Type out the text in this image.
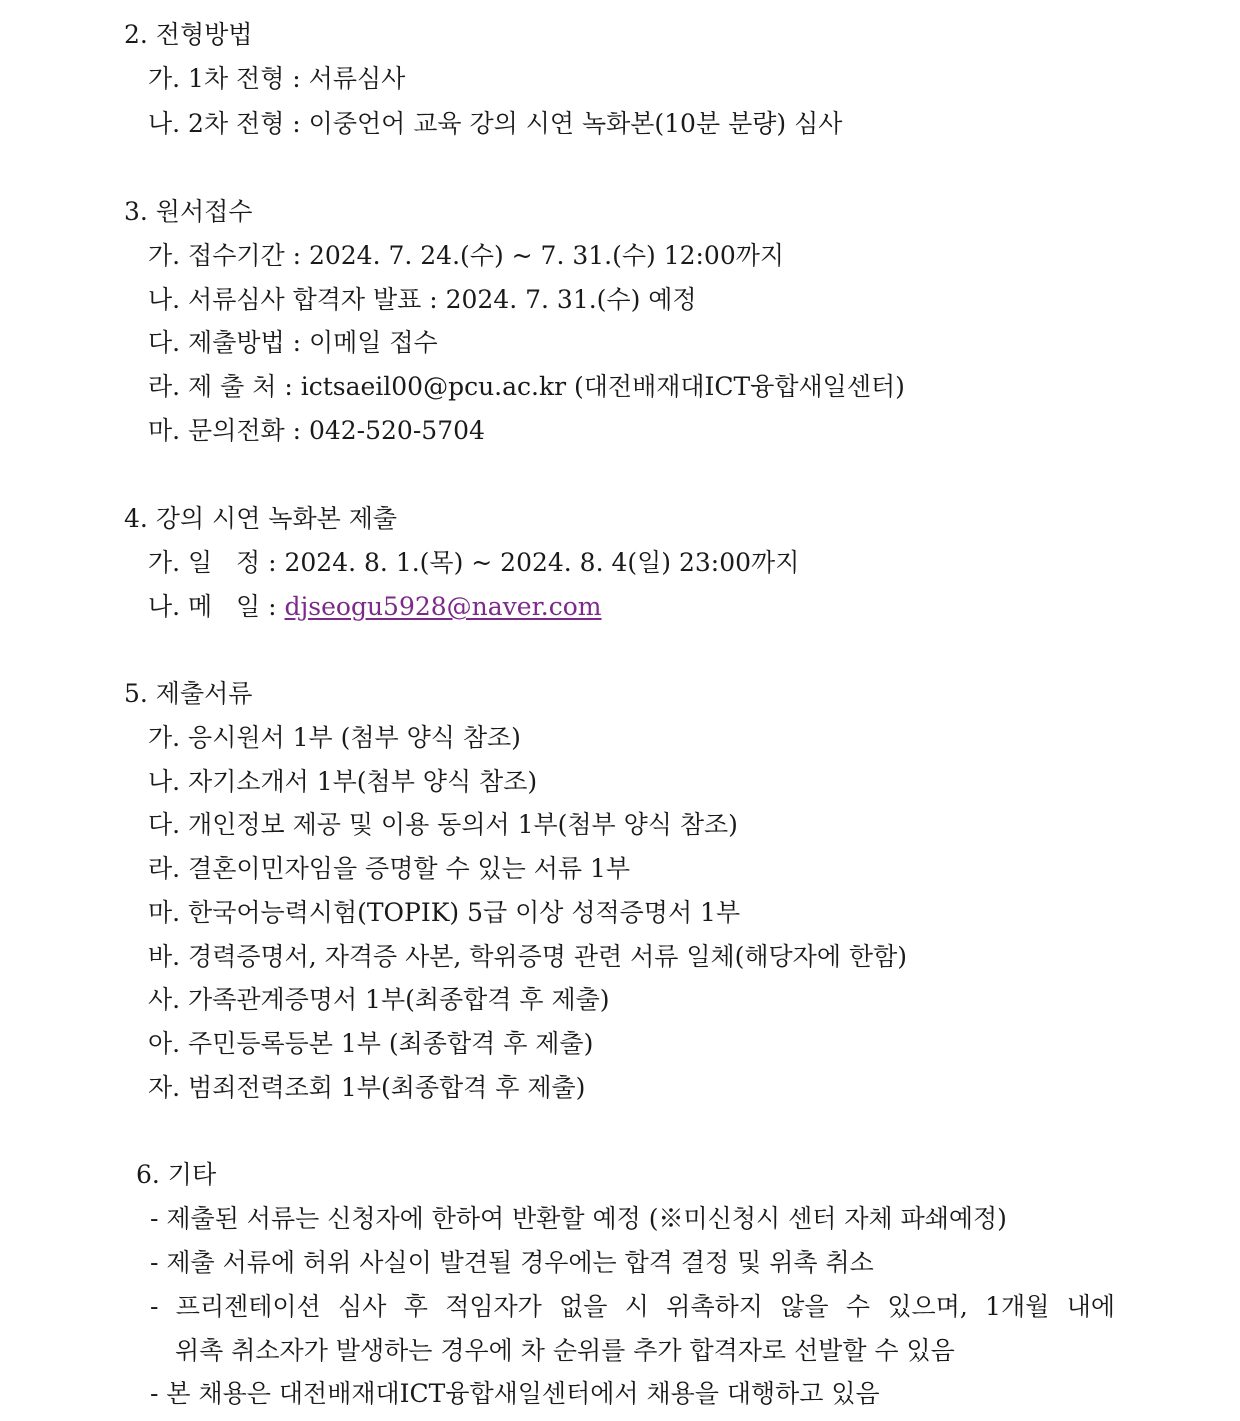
2. 전형방법
가. 1차 전형 : 서류심사
나. 2차 전형 : 이중언어 교육 강의 시연 녹화본(10분 분량) 심사
3. 원서접수
가. 접수기간 : 2024. 7. 24.(수) ~ 7. 31.(수) 12:00까지
나. 서류심사 합격자 발표 : 2024. 7. 31.(수) 예정
다. 제출방법 : 이메일 접수
라. 제 출 처 : ictsaeil00@pcu.ac.kr (대전배재대ICT융합새일센터)
마. 문의전화 : 042-520-5704
4. 강의 시연 녹화본 제출
가. 일   정 : 2024. 8. 1.(목) ~ 2024. 8. 4(일) 23:00까지
나. 메   일 : djseogu5928@naver.com
5. 제출서류
가. 응시원서 1부 (첨부 양식 참조)
나. 자기소개서 1부(첨부 양식 참조)
다. 개인정보 제공 및 이용 동의서 1부(첨부 양식 참조)
라. 결혼이민자임을 증명할 수 있는 서류 1부
마. 한국어능력시험(TOPIK) 5급 이상 성적증명서 1부
바. 경력증명서, 자격증 사본, 학위증명 관련 서류 일체(해당자에 한함)
사. 가족관계증명서 1부(최종합격 후 제출)
아. 주민등록등본 1부 (최종합격 후 제출)
자. 범죄전력조회 1부(최종합격 후 제출)
6. 기타
- 제출된 서류는 신청자에 한하여 반환할 예정 (※미신청시 센터 자체 파쇄예정)
- 제출 서류에 허위 사실이 발견될 경우에는 합격 결정 및 위촉 취소
- 프리젠테이션 심사 후 적임자가 없을 시 위촉하지 않을 수 있으며, 1개월 내에
위촉 취소자가 발생하는 경우에 차 순위를 추가 합격자로 선발할 수 있음
- 본 채용은 대전배재대ICT융합새일센터에서 채용을 대행하고 있음
